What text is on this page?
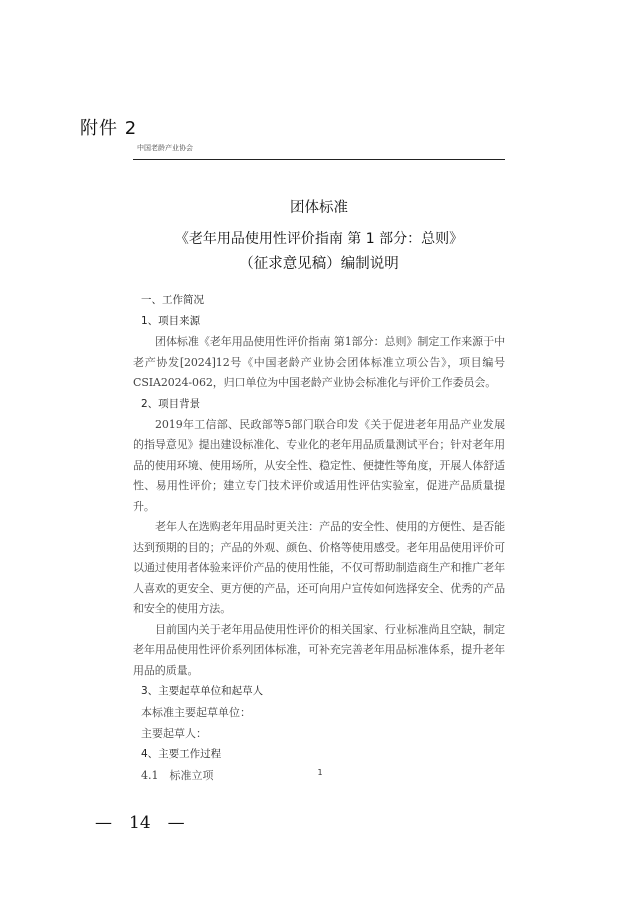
附件 2
中国老龄产业协会
团体标准
《老年用品使用性评价指南 第 1 部分：总则》
（征求意见稿）编制说明
一、工作简况
1、项目来源
团体标准《老年用品使用性评价指南 第1部分：总则》制定工作来源于中老产协发[2024]12号《中国老龄产业协会团体标准立项公告》，项目编号CSIA2024-062，归口单位为中国老龄产业协会标准化与评价工作委员会。
2、项目背景
2019年工信部、民政部等5部门联合印发《关于促进老年用品产业发展的指导意见》提出建设标准化、专业化的老年用品质量测试平台；针对老年用品的使用环境、使用场所，从安全性、稳定性、便捷性等角度，开展人体舒适性、易用性评价；建立专门技术评价或适用性评估实验室，促进产品质量提升。
老年人在选购老年用品时更关注：产品的安全性、使用的方便性、是否能达到预期的目的；产品的外观、颜色、价格等使用感受。老年用品使用评价可以通过使用者体验来评价产品的使用性能，不仅可帮助制造商生产和推广老年人喜欢的更安全、更方便的产品，还可向用户宣传如何选择安全、优秀的产品和安全的使用方法。
目前国内关于老年用品使用性评价的相关国家、行业标准尚且空缺，制定老年用品使用性评价系列团体标准，可补充完善老年用品标准体系，提升老年用品的质量。
3、主要起草单位和起草人
本标准主要起草单位：
主要起草人：
4、主要工作过程
4.1　标准立项	1
—　14　—
